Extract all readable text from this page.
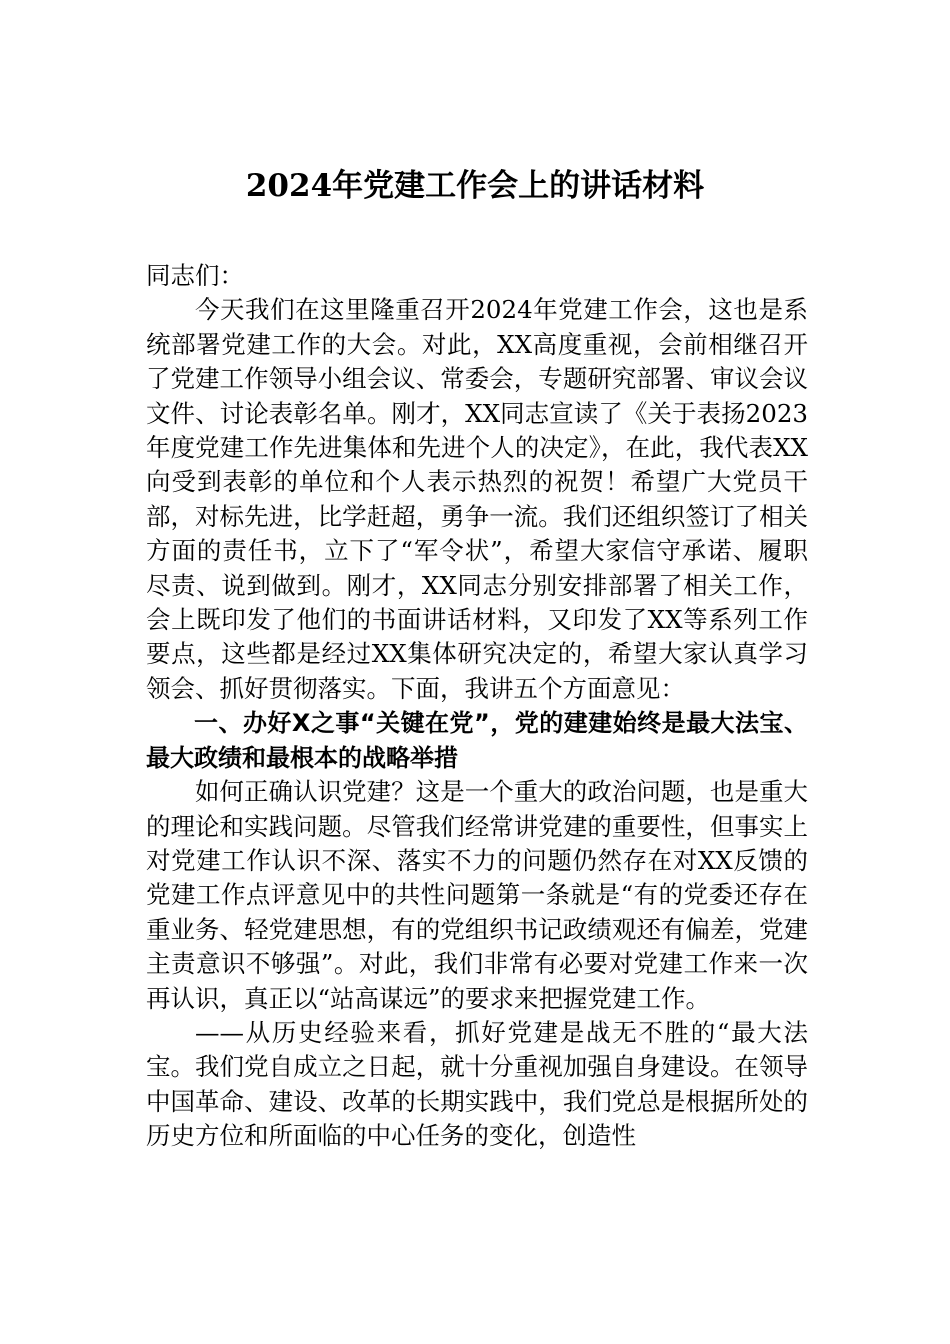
2024年党建工作会上的讲话材料

同志们：

今天我们在这里隆重召开2024年党建工作会，这也是系统部署党建工作的大会。对此，XX高度重视，会前相继召开了党建工作领导小组会议、常委会，专题研究部署、审议会议文件、讨论表彰名单。刚才，XX同志宣读了《关于表扬2023年度党建工作先进集体和先进个人的决定》，在此，我代表XX向受到表彰的单位和个人表示热烈的祝贺！希望广大党员干部，对标先进，比学赶超，勇争一流。我们还组织签订了相关方面的责任书，立下了“军令状”，希望大家信守承诺、履职尽责、说到做到。刚才，XX同志分别安排部署了相关工作，会上既印发了他们的书面讲话材料，又印发了XX等系列工作要点，这些都是经过XX集体研究决定的，希望大家认真学习领会、抓好贯彻落实。下面，我讲五个方面意见：

一、办好X之事“关键在党”，党的建建始终是最大法宝、最大政绩和最根本的战略举措

如何正确认识党建？这是一个重大的政治问题，也是重大的理论和实践问题。尽管我们经常讲党建的重要性，但事实上对党建工作认识不深、落实不力的问题仍然存在对XX反馈的党建工作点评意见中的共性问题第一条就是“有的党委还存在重业务、轻党建思想，有的党组织书记政绩观还有偏差，党建主责意识不够强”。对此，我们非常有必要对党建工作来一次再认识，真正以“站高谋远”的要求来把握党建工作。

——从历史经验来看，抓好党建是战无不胜的“最大法宝。我们党自成立之日起，就十分重视加强自身建设。在领导中国革命、建设、改革的长期实践中，我们党总是根据所处的历史方位和所面临的中心任务的变化，创造性
